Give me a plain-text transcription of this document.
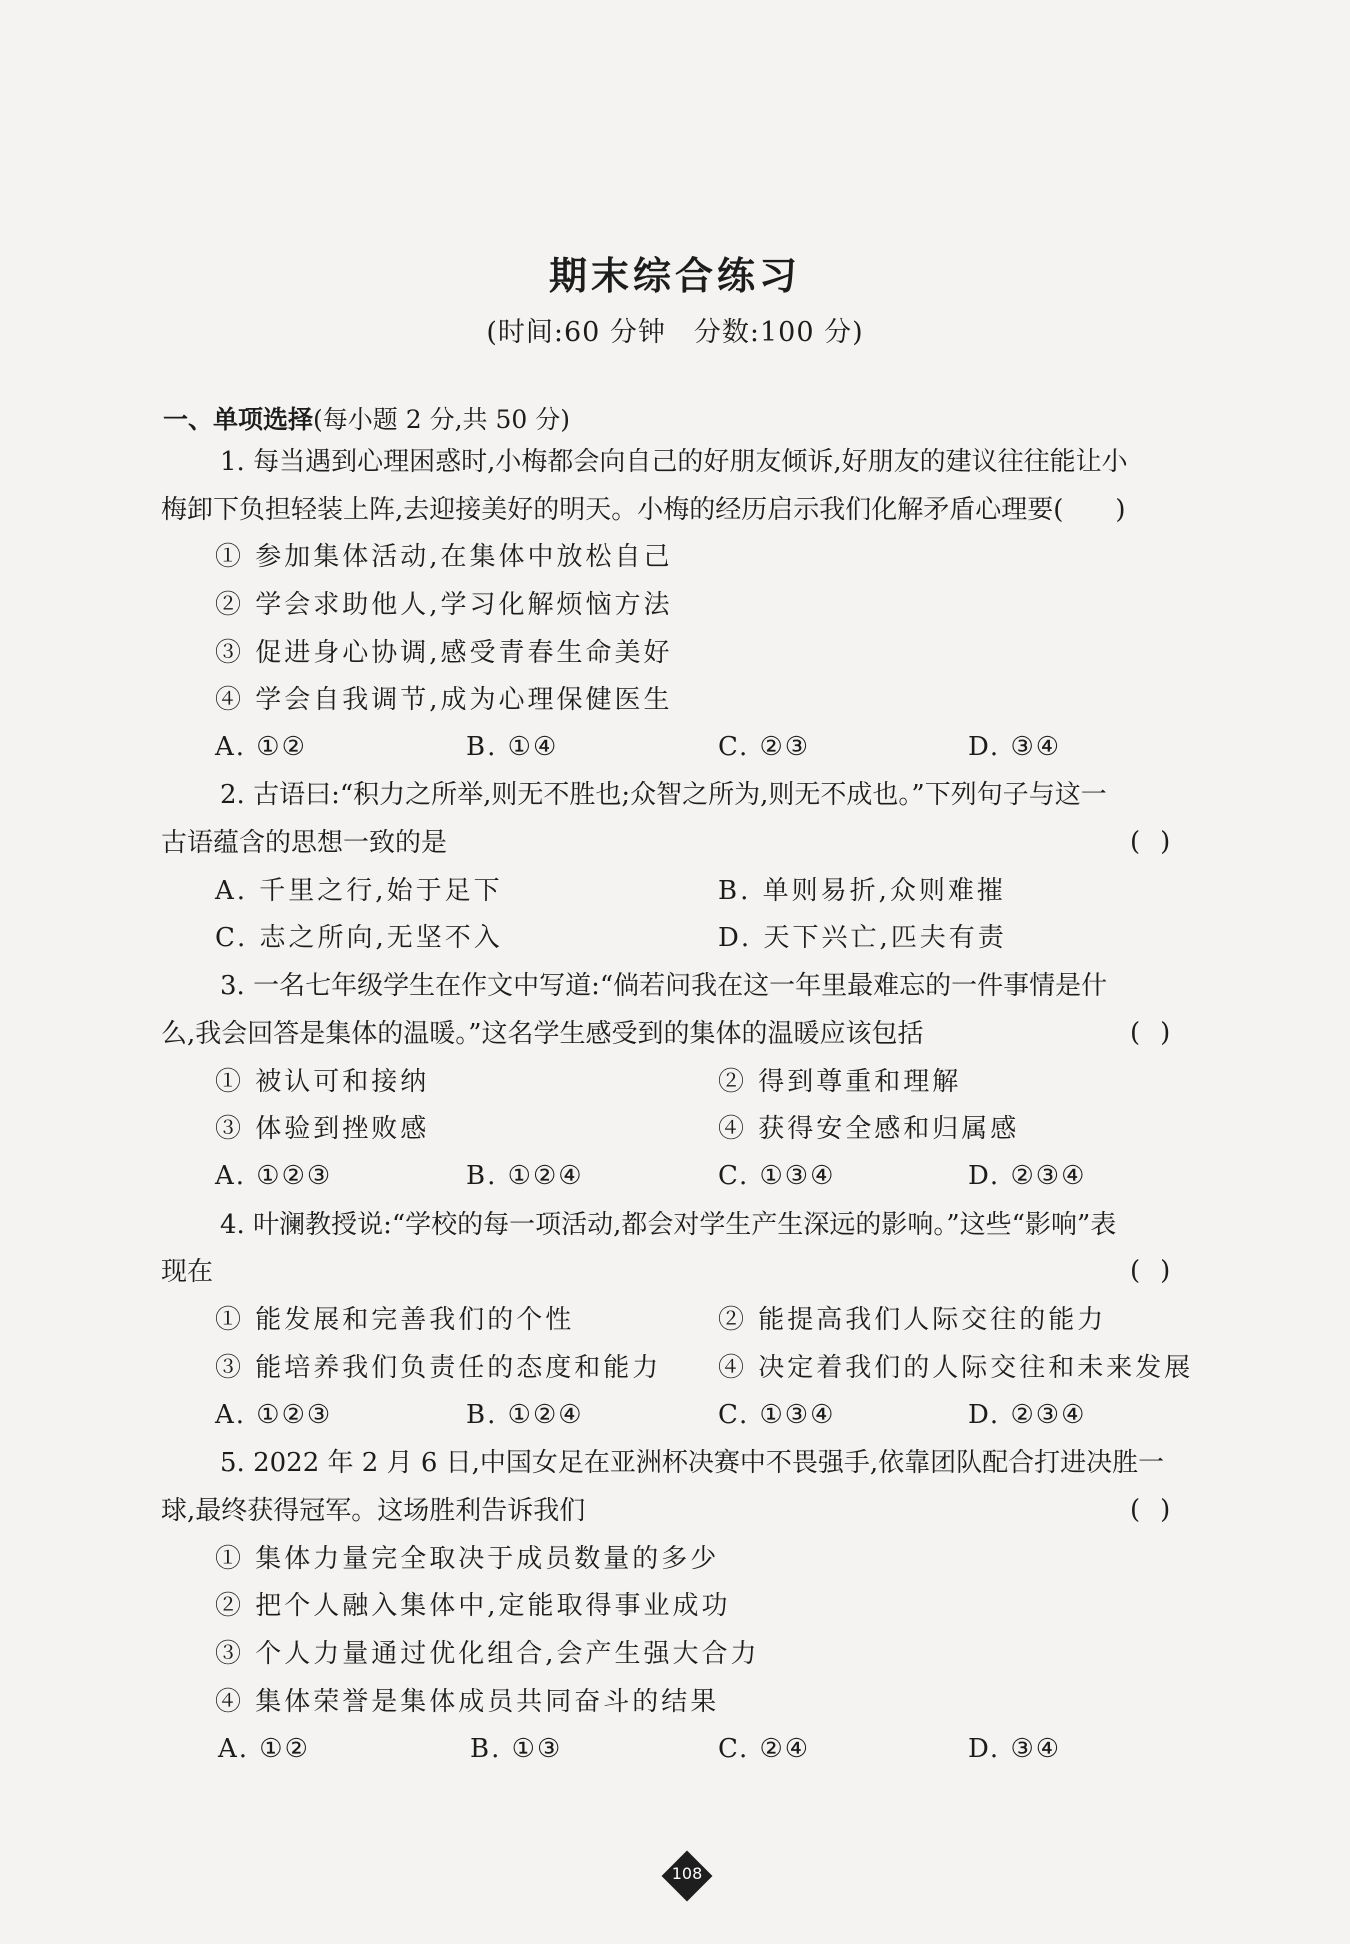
期末综合练习
(时间:60 分钟　分数:100 分)
一、单项选择(每小题 2 分,共 50 分)
1. 每当遇到心理困惑时,小梅都会向自己的好朋友倾诉,好朋友的建议往往能让小
梅卸下负担轻装上阵,去迎接美好的明天。小梅的经历启示我们化解矛盾心理要(　　)
① 参加集体活动,在集体中放松自己
② 学会求助他人,学习化解烦恼方法
③ 促进身心协调,感受青春生命美好
④ 学会自我调节,成为心理保健医生
A. ①②	B. ①④	C. ②③	D. ③④
2. 古语曰:“积力之所举,则无不胜也;众智之所为,则无不成也。”下列句子与这一
古语蕴含的思想一致的是	()
A. 千里之行,始于足下	B. 单则易折,众则难摧
C. 志之所向,无坚不入	D. 天下兴亡,匹夫有责
3. 一名七年级学生在作文中写道:“倘若问我在这一年里最难忘的一件事情是什
么,我会回答是集体的温暖。”这名学生感受到的集体的温暖应该包括	()
① 被认可和接纳	② 得到尊重和理解
③ 体验到挫败感	④ 获得安全感和归属感
A. ①②③	B. ①②④	C. ①③④	D. ②③④
4. 叶澜教授说:“学校的每一项活动,都会对学生产生深远的影响。”这些“影响”表
现在	()
① 能发展和完善我们的个性	② 能提高我们人际交往的能力
③ 能培养我们负责任的态度和能力 ④ 决定着我们的人际交往和未来发展
A. ①②③	B. ①②④	C. ①③④	D. ②③④
5. 2022 年 2 月 6 日,中国女足在亚洲杯决赛中不畏强手,依靠团队配合打进决胜一
球,最终获得冠军。这场胜利告诉我们	()
① 集体力量完全取决于成员数量的多少
② 把个人融入集体中,定能取得事业成功
③ 个人力量通过优化组合,会产生强大合力
④ 集体荣誉是集体成员共同奋斗的结果
A. ①②	B. ①③	C. ②④	D. ③④
108
